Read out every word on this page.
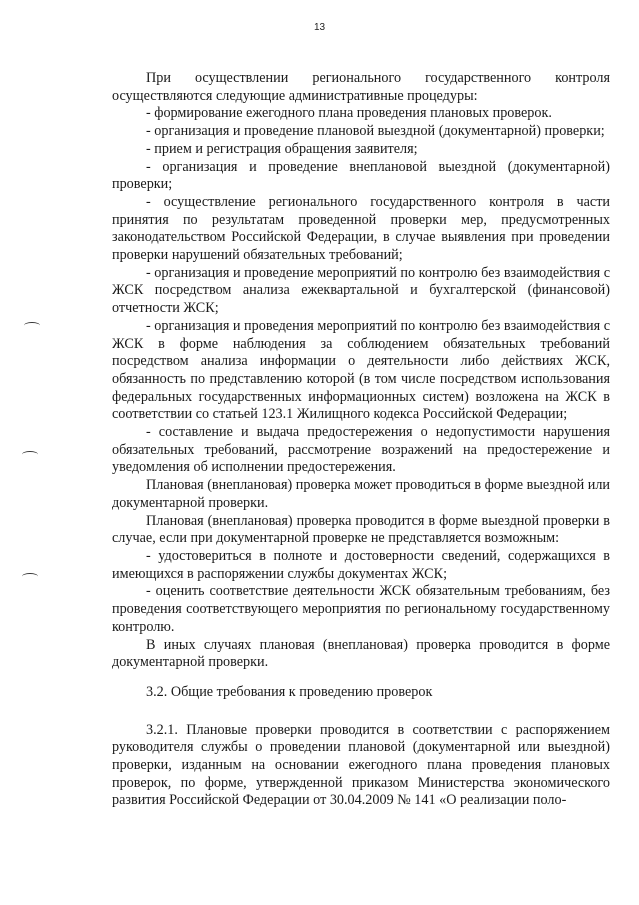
13

При осуществлении регионального государственного контроля осуществляются следующие административные процедуры:

- формирование ежегодного плана проведения плановых проверок.

- организация и проведение плановой выездной (документарной) проверки;

- прием и регистрация обращения заявителя;

- организация и проведение внеплановой выездной (документарной) проверки;

- осуществление регионального государственного контроля в части принятия по результатам проведенной проверки мер, предусмотренных законодательством Российской Федерации, в случае выявления при проведении проверки нарушений обязательных требований;

- организация и проведение мероприятий по контролю без взаимодействия с ЖСК посредством анализа ежеквартальной и бухгалтерской (финансовой) отчетности ЖСК;

- организация и проведения мероприятий по контролю без взаимодействия с ЖСК в форме наблюдения за соблюдением обязательных требований посредством анализа информации о деятельности либо действиях ЖСК, обязанность по представлению которой (в том числе посредством использования федеральных государственных информационных систем) возложена на ЖСК в соответствии со статьей 123.1 Жилищного кодекса Российской Федерации;

- составление и выдача предостережения о недопустимости нарушения обязательных требований, рассмотрение возражений на предостережение и уведомления об исполнении предостережения.

Плановая (внеплановая) проверка может проводиться в форме выездной или документарной проверки.

Плановая (внеплановая) проверка проводится в форме выездной проверки в случае, если при документарной проверке не представляется возможным:

- удостовериться в полноте и достоверности сведений, содержащихся в имеющихся в распоряжении службы документах ЖСК;

- оценить соответствие деятельности ЖСК обязательным требованиям, без проведения соответствующего мероприятия по региональному государственному контролю.

В иных случаях плановая (внеплановая) проверка проводится в форме документарной проверки.

3.2. Общие требования к проведению проверок

3.2.1. Плановые проверки проводится в соответствии с распоряжением руководителя службы о проведении плановой (документарной или выездной) проверки, изданным на основании ежегодного плана проведения плановых проверок, по форме, утвержденной приказом Министерства экономического развития Российской Федерации от 30.04.2009 № 141 «О реализации поло-
